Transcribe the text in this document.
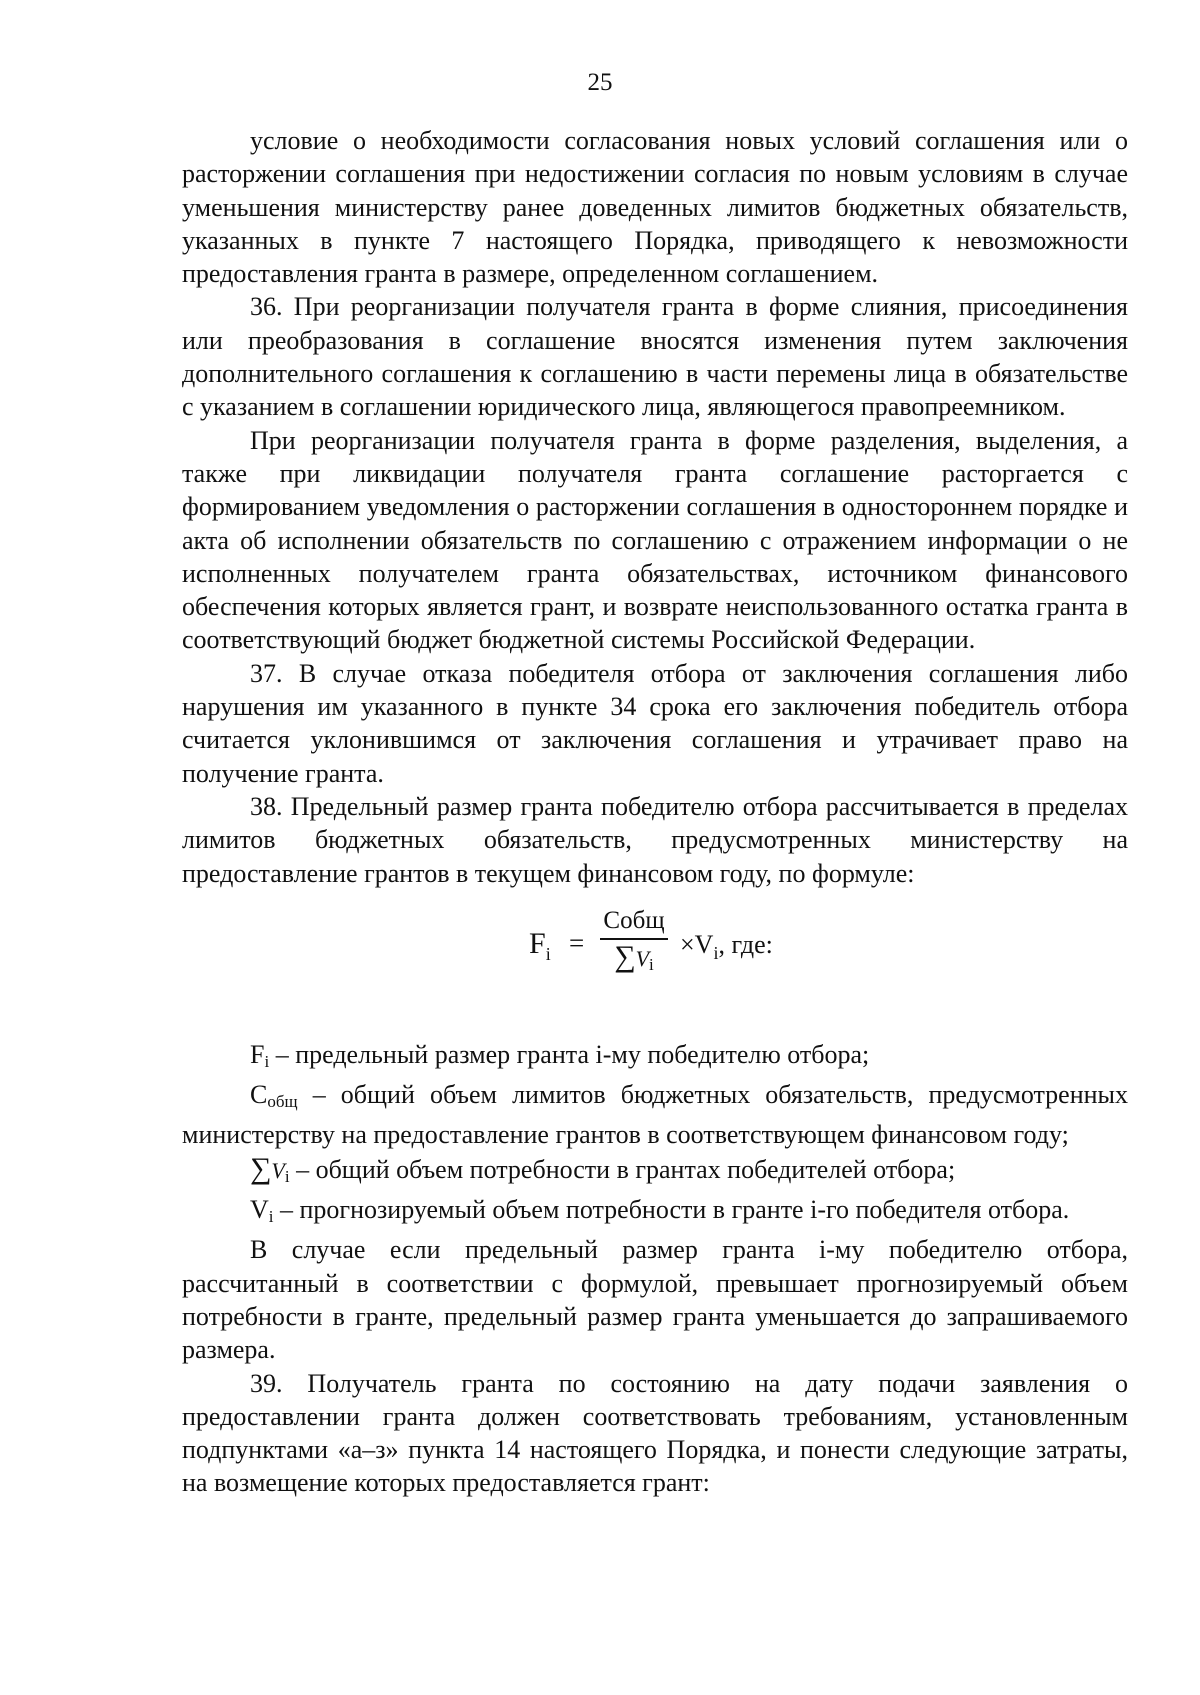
25

условие о необходимости согласования новых условий соглашения или о расторжении соглашения при недостижении согласия по новым условиям в случае уменьшения министерству ранее доведенных лимитов бюджетных обязательств, указанных в пункте 7 настоящего Порядка, приводящего к невозможности предоставления гранта в размере, определенном соглашением.

36. При реорганизации получателя гранта в форме слияния, присоединения или преобразования в соглашение вносятся изменения путем заключения дополнительного соглашения к соглашению в части перемены лица в обязательстве с указанием в соглашении юридического лица, являющегося правопреемником.

При реорганизации получателя гранта в форме разделения, выделения, а также при ликвидации получателя гранта соглашение расторгается с формированием уведомления о расторжении соглашения в одностороннем порядке и акта об исполнении обязательств по соглашению с отражением информации о не исполненных получателем гранта обязательствах, источником финансового обеспечения которых является грант, и возврате неиспользованного остатка гранта в соответствующий бюджет бюджетной системы Российской Федерации.

37. В случае отказа победителя отбора от заключения соглашения либо нарушения им указанного в пункте 34 срока его заключения победитель отбора считается уклонившимся от заключения соглашения и утрачивает право на получение гранта.

38. Предельный размер гранта победителю отбора рассчитывается в пределах лимитов бюджетных обязательств, предусмотренных министерству на предоставление грантов в текущем финансовом году, по формуле:

$F_i$ =
Собщ
∑Vi
$\times V_i$, где:

$F_i$ – предельный размер гранта i-му победителю отбора;

$С_{общ}$ – общий объем лимитов бюджетных обязательств, предусмотренных министерству на предоставление грантов в соответствующем финансовом году;

$\sum V_i$ – общий объем потребности в грантах победителей отбора;

$V_i$ – прогнозируемый объем потребности в гранте i-го победителя отбора.

В случае если предельный размер гранта i-му победителю отбора, рассчитанный в соответствии с формулой, превышает прогнозируемый объем потребности в гранте, предельный размер гранта уменьшается до запрашиваемого размера.

39. Получатель гранта по состоянию на дату подачи заявления о предоставлении гранта должен соответствовать требованиям, установленным подпунктами «а–з» пункта 14 настоящего Порядка, и понести следующие затраты, на возмещение которых предоставляется грант:
